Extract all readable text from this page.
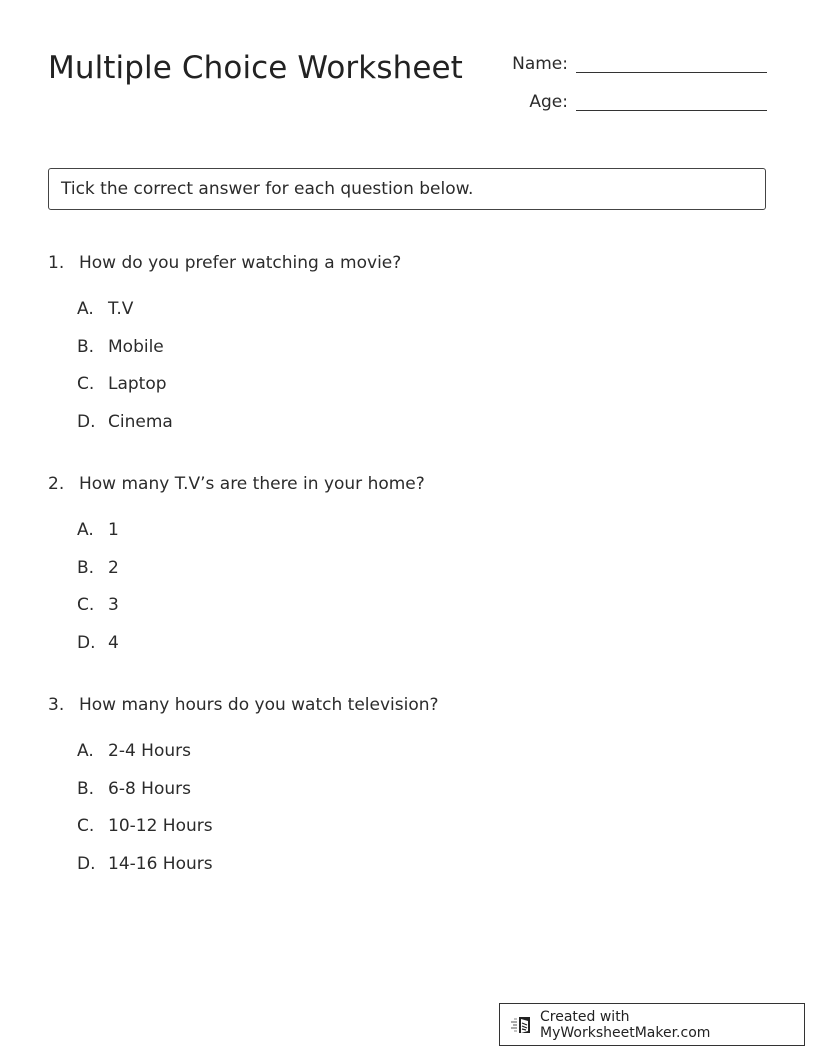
Multiple Choice Worksheet	Name:
Age:
Tick the correct answer for each question below.
1. How do you prefer watching a movie?
A. T.V
B. Mobile
C. Laptop
D. Cinema
2. How many T.V’s are there in your home?
A. 1
B. 2
C. 3
D. 4
3. How many hours do you watch television?
A. 2-4 Hours
B. 6-8 Hours
C. 10-12 Hours
D. 14-16 Hours
Created with MyWorksheetMaker.com
